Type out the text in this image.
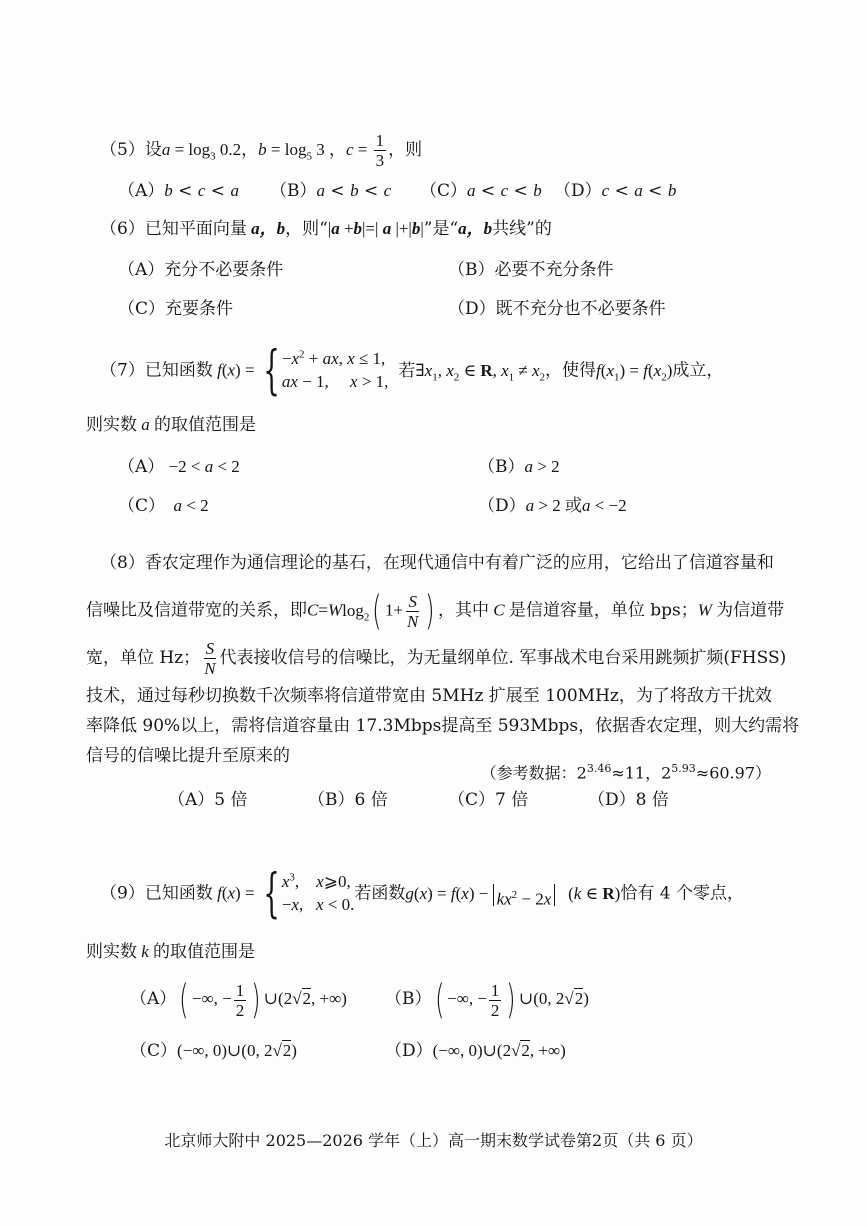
（5）设$a = \log_3 0.2$，$b = \log_5 3$ ，$c = \frac{1}{3}$ ，则
（A）b < c < a （B）a < b < c （C）a < c < b （D）c < a < b
（6）已知平面向量 a，b，则“|a +b|=| a |+|b|”是“a，b共线”的
（A）充分不必要条件	（B）必要不充分条件
（C）充要条件	（D）既不充分也不必要条件
（7）已知函数 f(x) = { $-x^2$ + ax, x ≤ 1,
ax − 1,     x > 1,若$\exists x_1$, $x_2$ ∈ R, $x_1 \ne x_2$，使得$f(x_1) = f(x_2)$成立，
则实数 a 的取值范围是
（A） −2 < a < 2	（B）a > 2
（C） a < 2	（D）a > 2 或a < −2
（8）香农定理作为通信理论的基石，在现代通信中有着广泛的应用，它给出了信道容量和
信噪比及信道带宽的关系，即C=Wlog$_2$( $1+ \frac{S}{N}$ ) ，其中 C 是信道容量，单位 bps；W 为信道带
宽，单位 Hz； $\frac{S}{N}$ 代表接收信号的信噪比，为无量纲单位. 军事战术电台采用跳频扩频(FHSS)
技术，通过每秒切换数千次频率将信道带宽由 5MHz 扩展至 100MHz，为了将敌方干扰效
率降低 90%以上，需将信道容量由 17.3Mbps提高至 593Mbps，依据香农定理，则大约需将
信号的信噪比提升至原来的
（参考数据：$2^{3.46}\approx 11$，$2^{5.93}\approx 60.97$）
（A）5 倍	（B）6 倍	（C）7 倍	（D）8 倍
（9）已知函数 f(x) = { $x^3$,    x⩾0,
−x,   x < 0.若函数$g(x) = f(x) - kx^2 - 2x$   (k ∈ R)恰有 4 个零点，
则实数 k 的取值范围是
（A）( −∞, − $\frac{1}{2}$ ) ∪(2√2, +∞) （B）( −∞, − $\frac{1}{2}$ ) ∪(0, 2√2)
（C）(−∞, 0)∪(0, 2√2)	（D）(−∞, 0)∪(2√2, +∞)
北京师大附中 2025—2026 学年（上）高一期末数学试卷第2页（共 6 页）
